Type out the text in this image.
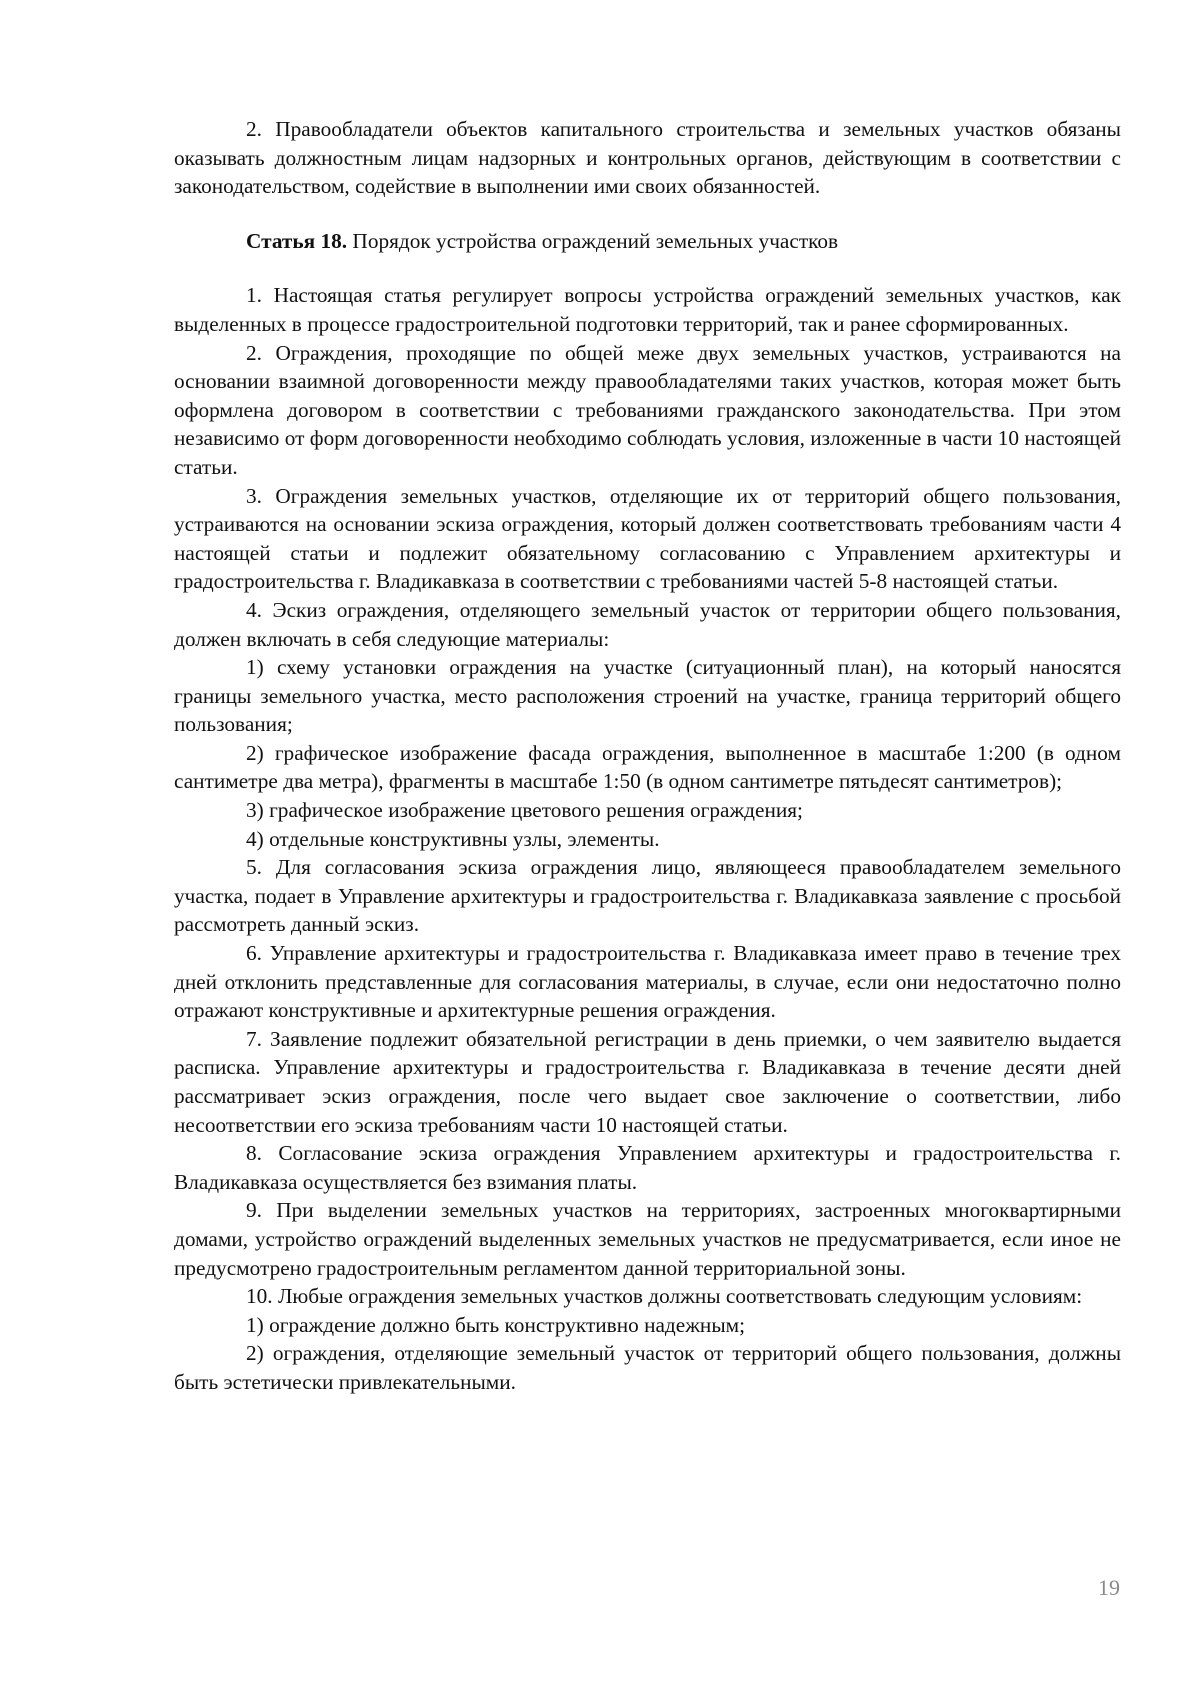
2. Правообладатели объектов капитального строительства и земельных участков обязаны оказывать должностным лицам надзорных и контрольных органов, действующим в соответствии с законодательством, содействие в выполнении ими своих обязанностей.

Статья 18. Порядок устройства ограждений земельных участков

1. Настоящая статья регулирует вопросы устройства ограждений земельных участков, как выделенных в процессе градостроительной подготовки территорий, так и ранее сформированных.

2. Ограждения, проходящие по общей меже двух земельных участков, устраиваются на основании взаимной договоренности между правообладателями таких участков, которая может быть оформлена договором в соответствии с требованиями гражданского законодательства. При этом независимо от форм договоренности необходимо соблюдать условия, изложенные в части 10 настоящей статьи.

3. Ограждения земельных участков, отделяющие их от территорий общего пользования, устраиваются на основании эскиза ограждения, который должен соответствовать требованиям части 4 настоящей статьи и подлежит обязательному согласованию с Управлением архитектуры и градостроительства г. Владикавказа в соответствии с требованиями частей 5-8 настоящей статьи.

4. Эскиз ограждения, отделяющего земельный участок от территории общего пользования, должен включать в себя следующие материалы:

1) схему установки ограждения на участке (ситуационный план), на который наносятся границы земельного участка, место расположения строений на участке, граница территорий общего пользования;

2) графическое изображение фасада ограждения, выполненное в масштабе 1:200 (в одном сантиметре два метра), фрагменты в масштабе 1:50 (в одном сантиметре пятьдесят сантиметров);

3) графическое изображение цветового решения ограждения;

4) отдельные конструктивны узлы, элементы.

5. Для согласования эскиза ограждения лицо, являющееся правообладателем земельного участка, подает в Управление архитектуры и градостроительства г. Владикавказа заявление с просьбой рассмотреть данный эскиз.

6. Управление архитектуры и градостроительства г. Владикавказа имеет право в течение трех дней отклонить представленные для согласования материалы, в случае, если они недостаточно полно отражают конструктивные и архитектурные решения ограждения.

7. Заявление подлежит обязательной регистрации в день приемки, о чем заявителю выдается расписка. Управление архитектуры и градостроительства г. Владикавказа в течение десяти дней рассматривает эскиз ограждения, после чего выдает свое заключение о соответствии, либо несоответствии его эскиза требованиям части 10 настоящей статьи.

8. Согласование эскиза ограждения Управлением архитектуры и градостроительства г. Владикавказа осуществляется без взимания платы.

9. При выделении земельных участков на территориях, застроенных многоквартирными домами, устройство ограждений выделенных земельных участков не предусматривается, если иное не предусмотрено градостроительным регламентом данной территориальной зоны.

10. Любые ограждения земельных участков должны соответствовать следующим условиям:

1) ограждение должно быть конструктивно надежным;

2) ограждения, отделяющие земельный участок от территорий общего пользования, должны быть эстетически привлекательными.

19
